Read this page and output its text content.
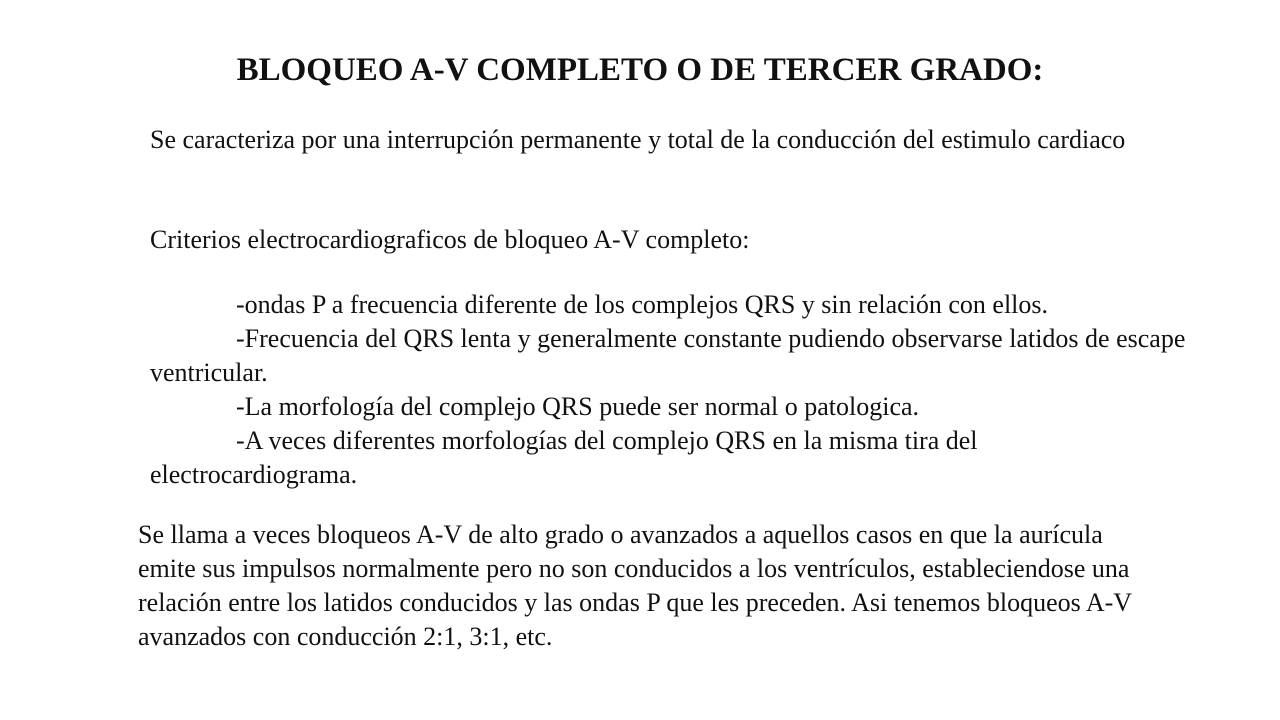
BLOQUEO A-V COMPLETO O DE TERCER GRADO:

Se caracteriza por una interrupción permanente y total de la conducción del estimulo cardiaco

Criterios electrocardiograficos de bloqueo A-V completo:

-ondas P a frecuencia diferente de los complejos QRS y sin relación con ellos.

-Frecuencia del QRS lenta y generalmente constante pudiendo observarse latidos de escape ventricular.

-La morfología del complejo QRS puede ser normal o patologica.

-A veces diferentes morfologías del complejo QRS en la misma tira del electrocardiograma.

Se llama a veces bloqueos A-V de alto grado o avanzados a aquellos casos en que la aurícula emite sus impulsos normalmente pero no son conducidos a los ventrículos, estableciendose una relación entre los latidos conducidos y las ondas P que les preceden. Asi tenemos bloqueos A-V avanzados con conducción 2:1, 3:1, etc.
